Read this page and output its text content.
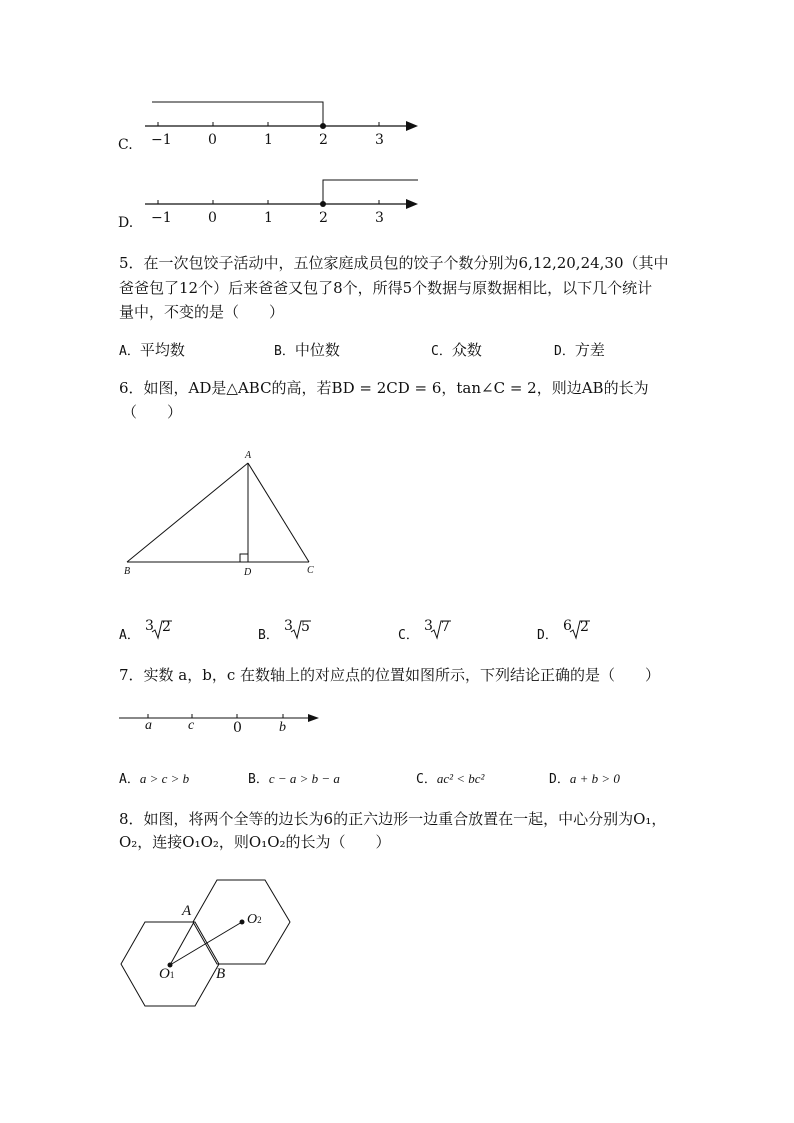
C. −1	0	1	2	3
D. −1	0	1	2	3
5．在一次包饺子活动中，五位家庭成员包的饺子个数分别为6,12,20,24,30（其中
爸爸包了12个）后来爸爸又包了8个，所得5个数据与原数据相比，以下几个统计
量中，不变的是（　　）
A．平均数	B．中位数	C．众数	D．方差
6．如图，AD是△ABC的高，若BD = 2CD = 6，tan∠C = 2，则边AB的长为
（　　）
A
B	D	C
A．
3 2
B．
3 5
C．
3 7
D．
6 2
7．实数 a，b，c 在数轴上的对应点的位置如图所示，下列结论正确的是（　　）
a	c	0	b
A．a > c > b	B．c − a > b − a	C．ac² < bc²	D．a + b > 0
8．如图，将两个全等的边长为6的正六边形一边重合放置在一起，中心分别为O₁，
O₂，连接O₁O₂，则O₁O₂的长为（　　）
A
B
O1
O2
